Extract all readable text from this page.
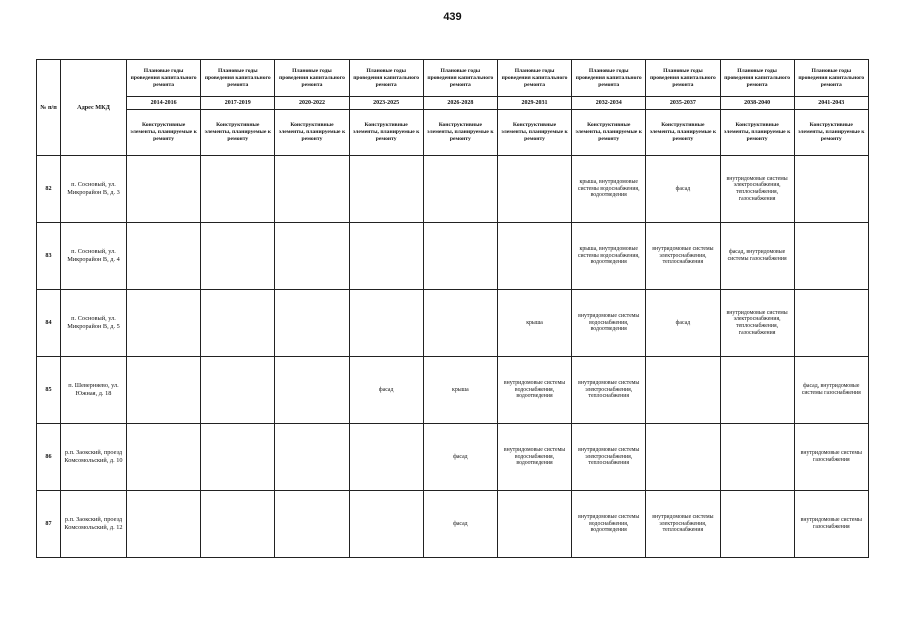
439
№ п/п	Адрес МКД	Плановые годы проведения капитального ремонта	Плановые годы проведения капитального ремонта	Плановые годы проведения капитального ремонта	Плановые годы проведения капитального ремонта	Плановые годы проведения капитального ремонта	Плановые годы проведения капитального ремонта	Плановые годы проведения капитального ремонта	Плановые годы проведения капитального ремонта	Плановые годы проведения капитального ремонта	Плановые годы проведения капитального ремонта
		2014-2016	2017-2019	2020-2022	2023-2025	2026-2028	2029-2031	2032-2034	2035-2037	2038-2040	2041-2043
		Конструктивные элементы, планируемые к ремонту	Конструктивные элементы, планируемые к ремонту	Конструктивные элементы, планируемые к ремонту	Конструктивные элементы, планируемые к ремонту	Конструктивные элементы, планируемые к ремонту	Конструктивные элементы, планируемые к ремонту	Конструктивные элементы, планируемые к ремонту	Конструктивные элементы, планируемые к ремонту	Конструктивные элементы, планируемые к ремонту	Конструктивные элементы, планируемые к ремонту
82	п. Сосновый, ул. Микрорайон В, д. 3							крыша, внутридомовые системы водоснабжения, водоотведения	фасад	внутридомовые системы электроснабжения, теплоснабжения, газоснабжения	
83	п. Сосновый, ул. Микрорайон В, д. 4							крыша, внутридомовые системы водоснабжения, водоотведения	внутридомовые системы электроснабжения, теплоснабжения	фасад, внутридомовые системы газоснабжения	
84	п. Сосновый, ул. Микрорайон В, д. 5						крыша	внутридомовые системы водоснабжения, водоотведения	фасад	внутридомовые системы электроснабжения, теплоснабжения, газоснабжения	
85	п. Шеверняево, ул. Южная, д. 18				фасад	крыша	внутридомовые системы водоснабжения, водоотведения	внутридомовые системы электроснабжения, теплоснабжения			фасад, внутридомовые системы газоснабжения
86	р.п. Заокский, проезд Комсомольский, д. 10					фасад	внутридомовые системы водоснабжения, водоотведения	внутридомовые системы электроснабжения, теплоснабжения			внутридомовые системы газоснабжения
87	р.п. Заокский, проезд Комсомольский, д. 12					фасад		внутридомовые системы водоснабжения, водоотведения	внутридомовые системы электроснабжения, теплоснабжения		внутридомовые системы газоснабжения
